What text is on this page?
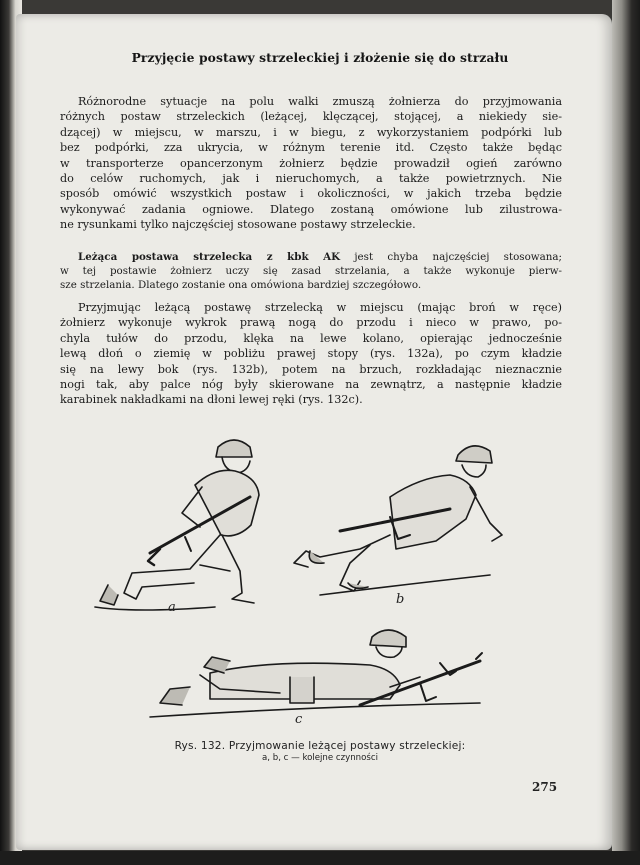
Przyjęcie postawy strzeleckiej i złożenie się do strzału
Różnorodne sytuacje na polu walki zmuszą żołnierza do przyjmowania
różnych postaw strzeleckich (leżącej, klęczącej, stojącej, a niekiedy sie-
dzącej) w miejscu, w marszu, i w biegu, z wykorzystaniem podpórki lub
bez podpórki, zza ukrycia, w różnym terenie itd. Często także będąc
w transporterze opancerzonym żołnierz będzie prowadził ogień zarówno
do celów ruchomych, jak i nieruchomych, a także powietrznych. Nie
sposób omówić wszystkich postaw i okoliczności, w jakich trzeba będzie
wykonywać zadania ogniowe. Dlatego zostaną omówione lub zilustrowa-
ne rysunkami tylko najczęściej stosowane postawy strzeleckie.
Leżąca postawa strzelecka z kbk AK jest chyba najczęściej stosowana;
w tej postawie żołnierz uczy się zasad strzelania, a także wykonuje pierw-
sze strzelania. Dlatego zostanie ona omówiona bardziej szczegółowo.
Przyjmując leżącą postawę strzelecką w miejscu (mając broń w ręce)
żołnierz wykonuje wykrok prawą nogą do przodu i nieco w prawo, po-
chyla tułów do przodu, klęka na lewe kolano, opierając jednocześnie
lewą dłoń o ziemię w pobliżu prawej stopy (rys. 132a), po czym kładzie
się na lewy bok (rys. 132b), potem na brzuch, rozkładając nieznacznie
nogi tak, aby palce nóg były skierowane na zewnątrz, a następnie kładzie
karabinek nakładkami na dłoni lewej ręki (rys. 132c).
a
b
c
Rys. 132. Przyjmowanie leżącej postawy strzeleckiej:
a, b, c — kolejne czynności
275
